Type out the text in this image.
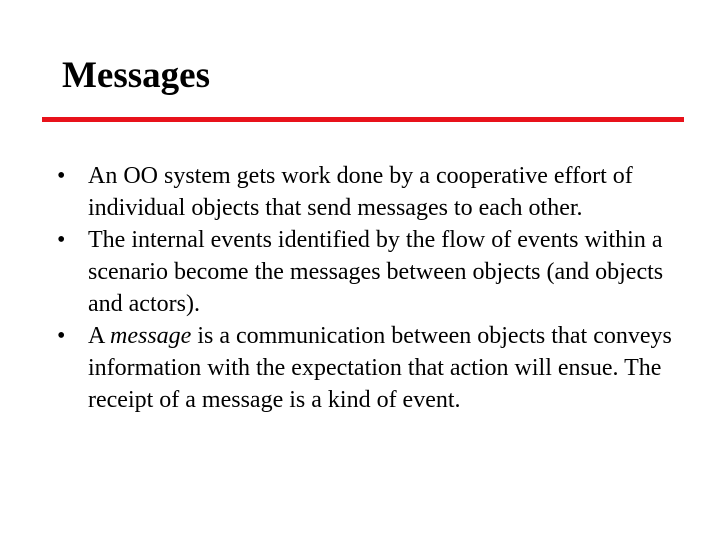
Messages
• An OO system gets work done by a cooperative effort of individual objects that send messages to each other.
• The internal events identified by the flow of events within a scenario become the messages between objects (and objects and actors).
• A message is a communication between objects that conveys information with the expectation that action will ensue. The receipt of a message is a kind of event.
